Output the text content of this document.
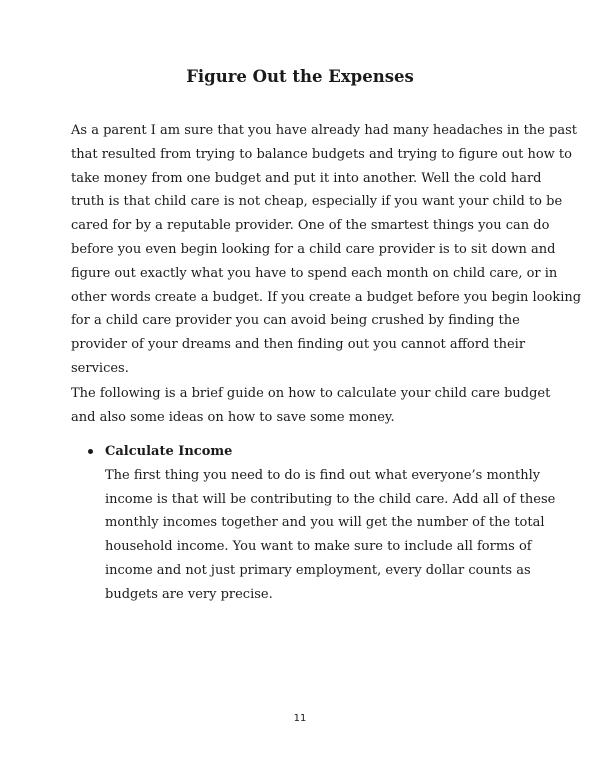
Figure Out the Expenses

As a parent I am sure that you have already had many headaches in the past
that resulted from trying to balance budgets and trying to figure out how to
take money from one budget and put it into another. Well the cold hard
truth is that child care is not cheap, especially if you want your child to be
cared for by a reputable provider. One of the smartest things you can do
before you even begin looking for a child care provider is to sit down and
figure out exactly what you have to spend each month on child care, or in
other words create a budget. If you create a budget before you begin looking
for a child care provider you can avoid being crushed by finding the
provider of your dreams and then finding out you cannot afford their
services.

The following is a brief guide on how to calculate your child care budget
and also some ideas on how to save some money.

Calculate Income
The first thing you need to do is find out what everyone’s monthly
income is that will be contributing to the child care. Add all of these
monthly incomes together and you will get the number of the total
household income. You want to make sure to include all forms of
income and not just primary employment, every dollar counts as
budgets are very precise.

11
